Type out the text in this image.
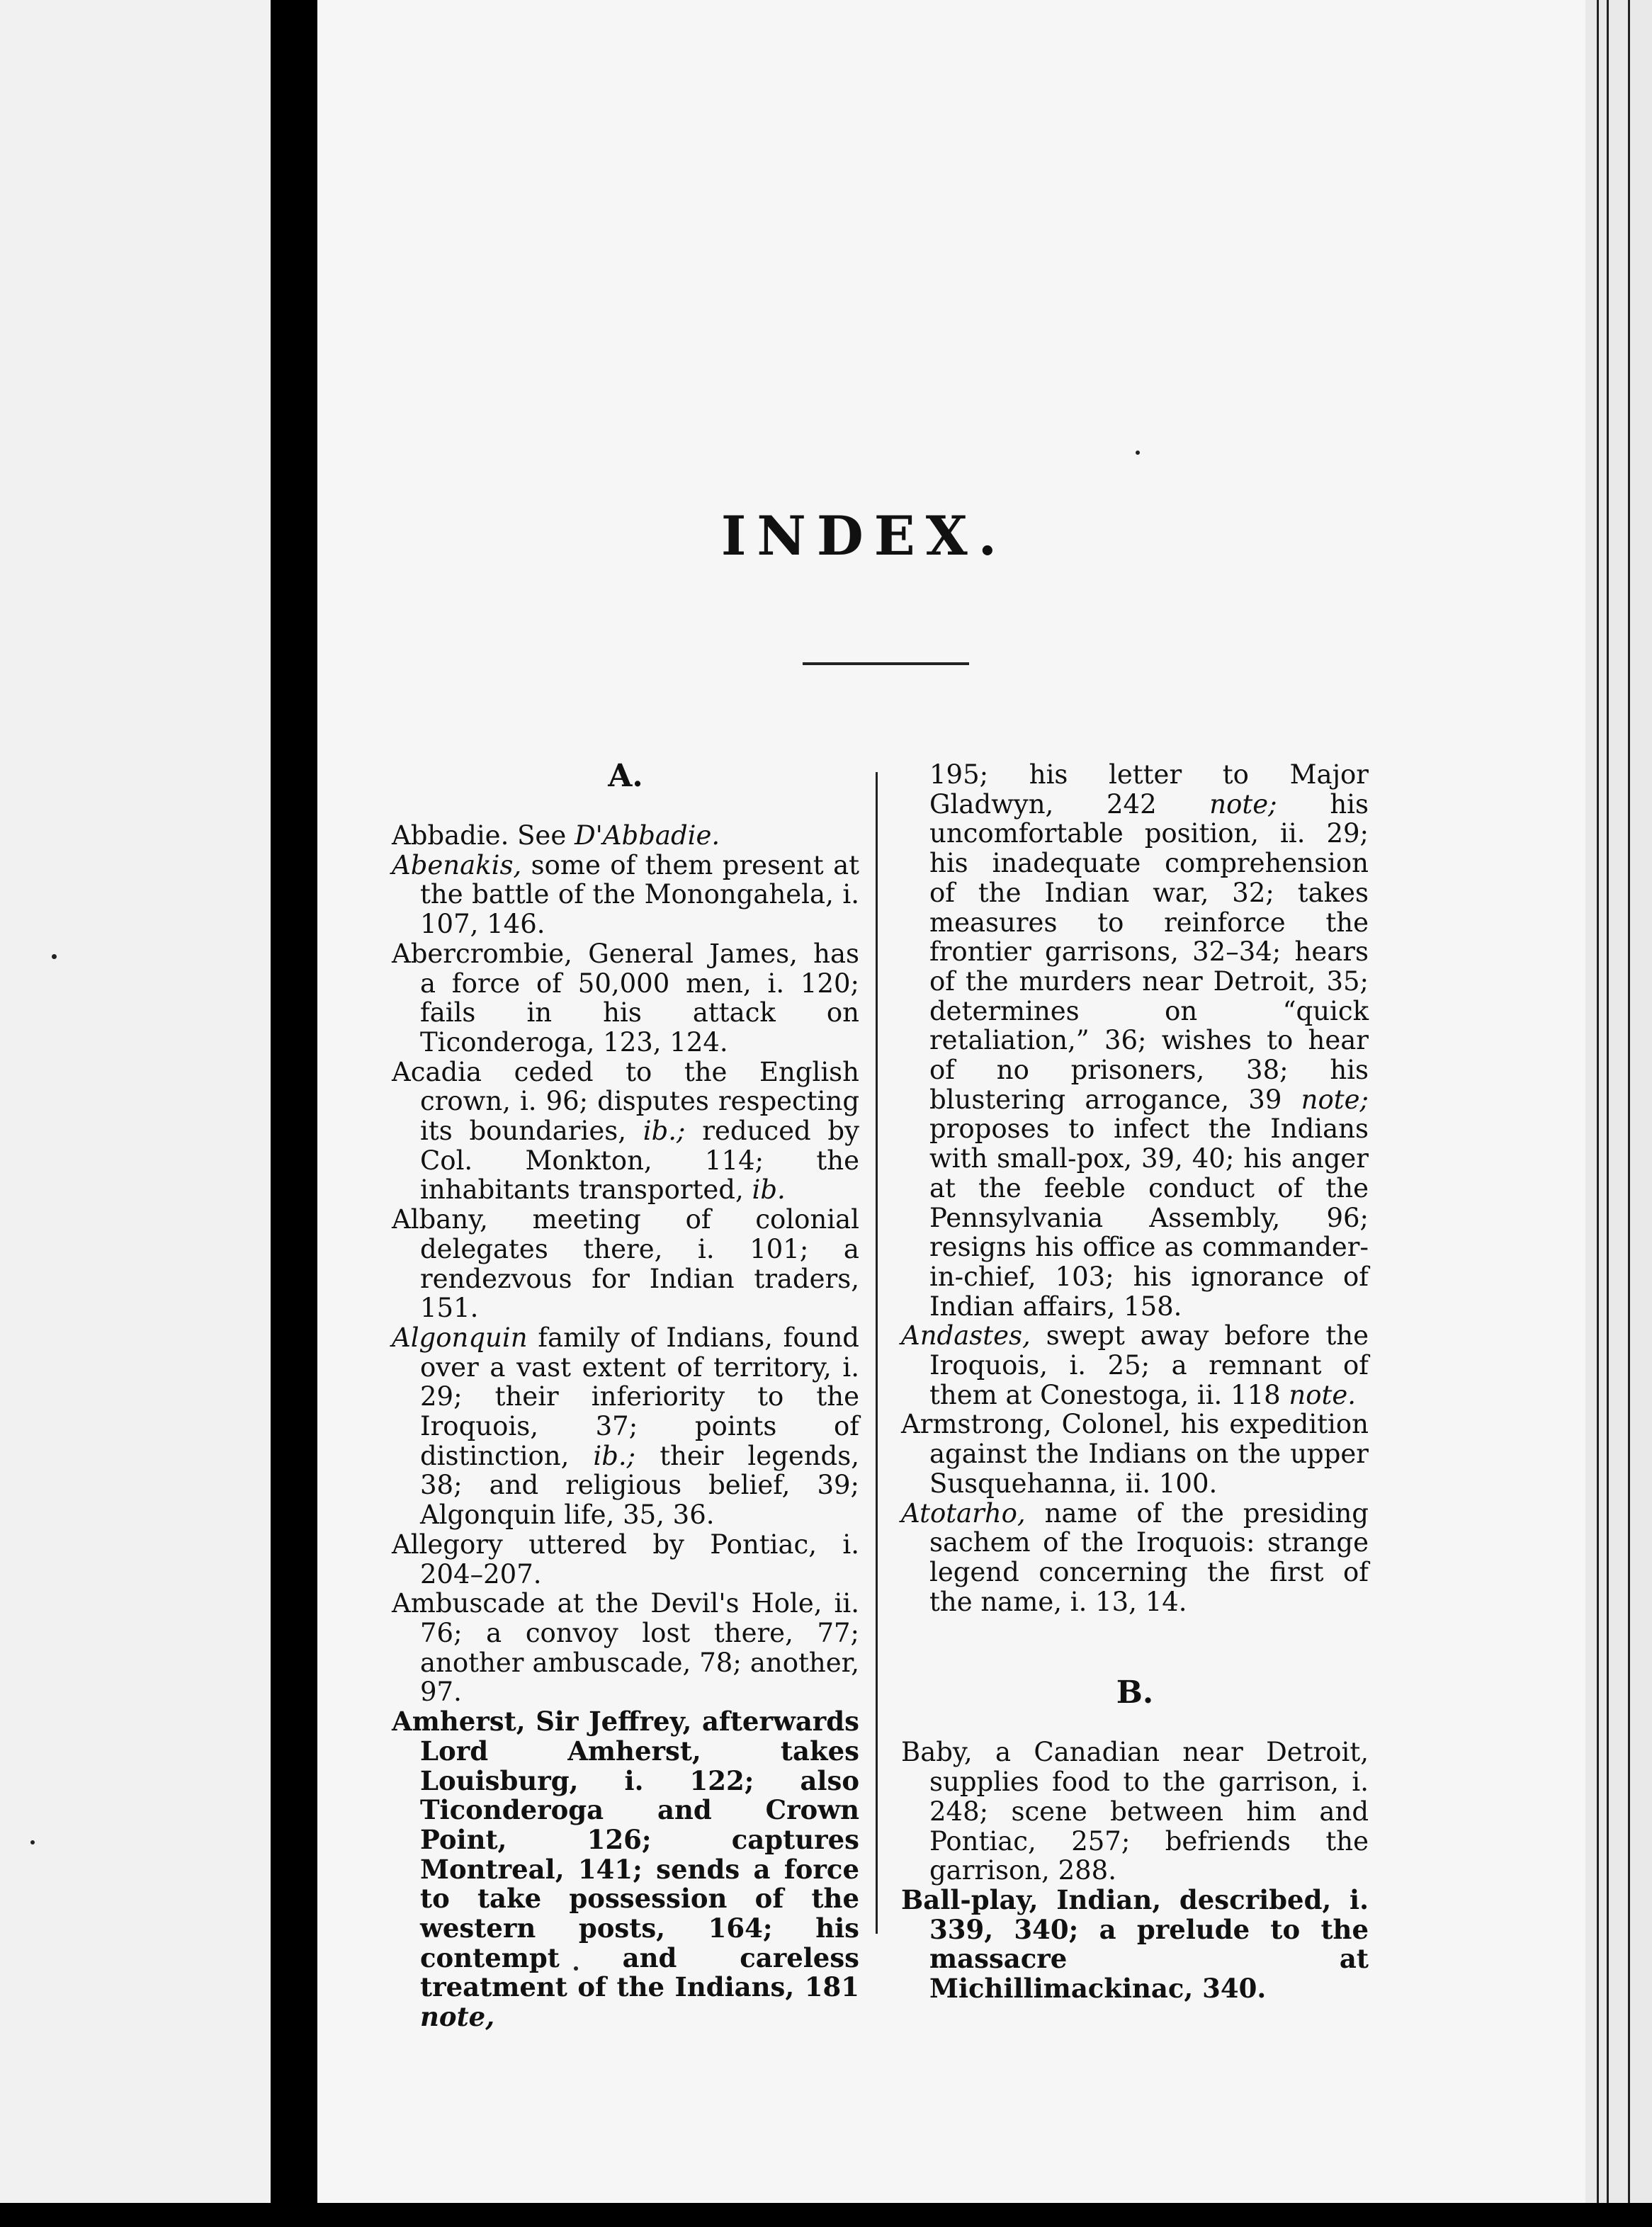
INDEX.
A.

Abbadie. See D'Abbadie.

Abenakis, some of them present at the battle of the Monongahela, i. 107, 146.

Abercrombie, General James, has a force of 50,000 men, i. 120; fails in his attack on Ticonderoga, 123, 124.

Acadia ceded to the English crown, i. 96; disputes respecting its boundaries, ib.; reduced by Col. Monkton, 114; the inhabitants transported, ib.

Albany, meeting of colonial delegates there, i. 101; a rendezvous for Indian traders, 151.

Algonquin family of Indians, found over a vast extent of territory, i. 29; their inferiority to the Iroquois, 37; points of distinction, ib.; their legends, 38; and religious belief, 39; Algonquin life, 35, 36.

Allegory uttered by Pontiac, i. 204–207.

Ambuscade at the Devil's Hole, ii. 76; a convoy lost there, 77; another ambuscade, 78; another, 97.

Amherst, Sir Jeffrey, afterwards Lord Amherst, takes Louisburg, i. 122; also Ticonderoga and Crown Point, 126; captures Montreal, 141; sends a force to take possession of the western posts, 164; his contempt and careless treatment of the Indians, 181 note,

195; his letter to Major Gladwyn, 242 note; his uncomfortable position, ii. 29; his inadequate comprehension of the Indian war, 32; takes measures to reinforce the frontier garrisons, 32–34; hears of the murders near Detroit, 35; determines on “quick retaliation,” 36; wishes to hear of no prisoners, 38; his blustering arrogance, 39 note; proposes to infect the Indians with small-pox, 39, 40; his anger at the feeble conduct of the Pennsylvania Assembly, 96; resigns his office as commander-in-chief, 103; his ignorance of Indian affairs, 158.

Andastes, swept away before the Iroquois, i. 25; a remnant of them at Conestoga, ii. 118 note.

Armstrong, Colonel, his expedition against the Indians on the upper Susquehanna, ii. 100.

Atotarho, name of the presiding sachem of the Iroquois: strange legend concerning the first of the name, i. 13, 14.

B.

Baby, a Canadian near Detroit, supplies food to the garrison, i. 248; scene between him and Pontiac, 257; befriends the garrison, 288.

Ball-play, Indian, described, i. 339, 340; a prelude to the massacre at Michillimackinac, 340.
